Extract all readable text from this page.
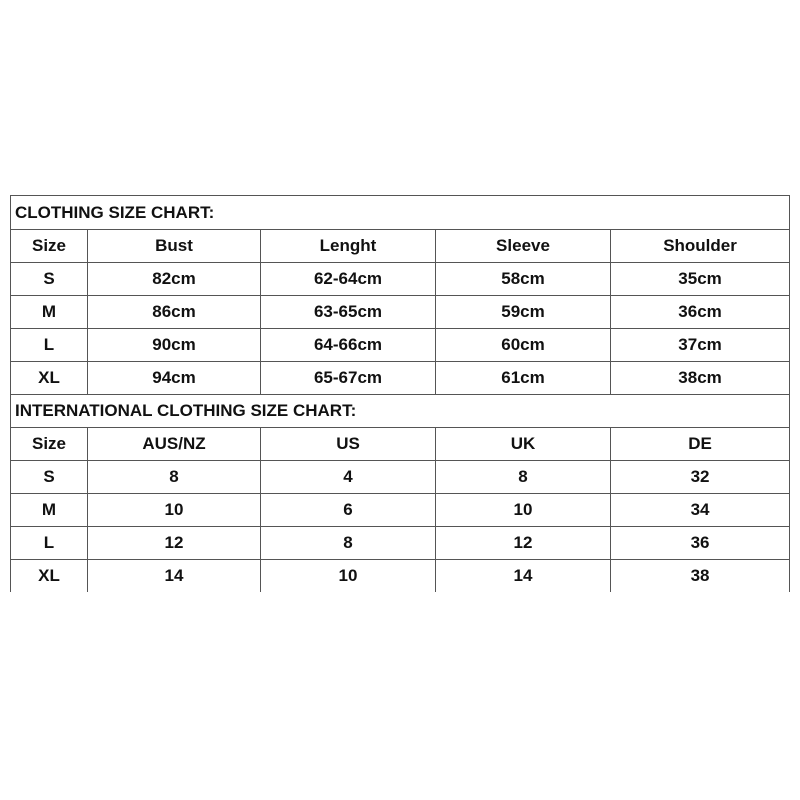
CLOTHING SIZE CHART:				
Size	Bust	Lenght	Sleeve	Shoulder
S	82cm	62-64cm	58cm	35cm
M	86cm	63-65cm	59cm	36cm
L	90cm	64-66cm	60cm	37cm
XL	94cm	65-67cm	61cm	38cm
INTERNATIONAL CLOTHING SIZE CHART:				
Size	AUS/NZ	US	UK	DE
S	8	4	8	32
M	10	6	10	34
L	12	8	12	36
XL	14	10	14	38
